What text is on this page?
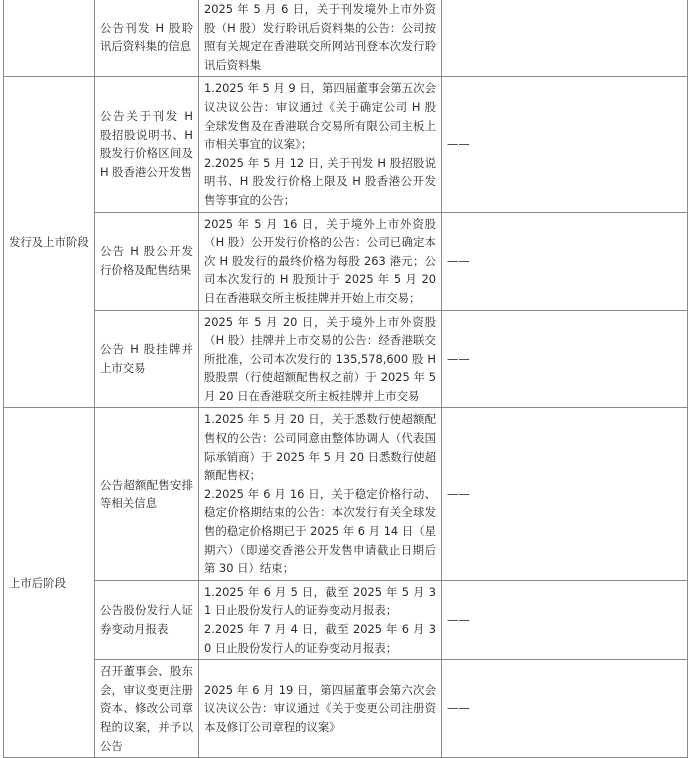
	公告刊发 H 股聆讯后资料集的信息	2025 年 5 月 6 日，关于刊发境外上市外资股（H 股）发行聆讯后资料集的公告：公司按照有关规定在香港联交所网站刊登本次发行聆讯后资料集	

发行及上市阶段	公告关于刊发 H 股招股说明书、H 股发行价格区间及 H 股香港公开发售	1.2025 年 5 月 9 日，第四届董事会第五次会议决议公告：审议通过《关于确定公司 H 股全球发售及在香港联合交易所有限公司主板上市相关事宜的议案》；
2.2025 年 5 月 12 日, 关于刊发 H 股招股说明书、H 股发行价格上限及 H 股香港公开发售等事宜的公告；	——
	公告 H 股公开发行价格及配售结果	2025 年 5 月 16 日，关于境外上市外资股（H 股）公开发行价格的公告：公司已确定本次 H 股发行的最终价格为每股 263 港元；公司本次发行的 H 股预计于 2025 年 5 月 20 日在香港联交所主板挂牌并开始上市交易；	——
	公告 H 股挂牌并上市交易	2025 年 5 月 20 日，关于境外上市外资股（H 股）挂牌并上市交易的公告：经香港联交所批准，公司本次发行的 135,578,600 股 H 股股票（行使超额配售权之前）于 2025 年 5 月 20 日在香港联交所主板挂牌并上市交易	——
上市后阶段	公告超额配售安排等相关信息	1.2025 年 5 月 20 日，关于悉数行使超额配售权的公告：公司同意由整体协调人（代表国际承销商）于 2025 年 5 月 20 日悉数行使超额配售权；
2.2025 年 6 月 16 日，关于稳定价格行动、稳定价格期结束的公告：本次发行有关全球发售的稳定价格期已于 2025 年 6 月 14 日（星期六）（即递交香港公开发售申请截止日期后第 30 日）结束；	——
	公告股份发行人证券变动月报表	1.2025 年 6 月 5 日，截至 2025 年 5 月 31 日止股份发行人的证券变动月报表；
2.2025 年 7 月 4 日，截至 2025 年 6 月 30 日止股份发行人的证券变动月报表；	——
	召开董事会、股东会，审议变更注册资本、修改公司章程的议案，并予以公告	2025 年 6 月 19 日，第四届董事会第六次会议决议公告：审议通过《关于变更公司注册资本及修订公司章程的议案》	——
